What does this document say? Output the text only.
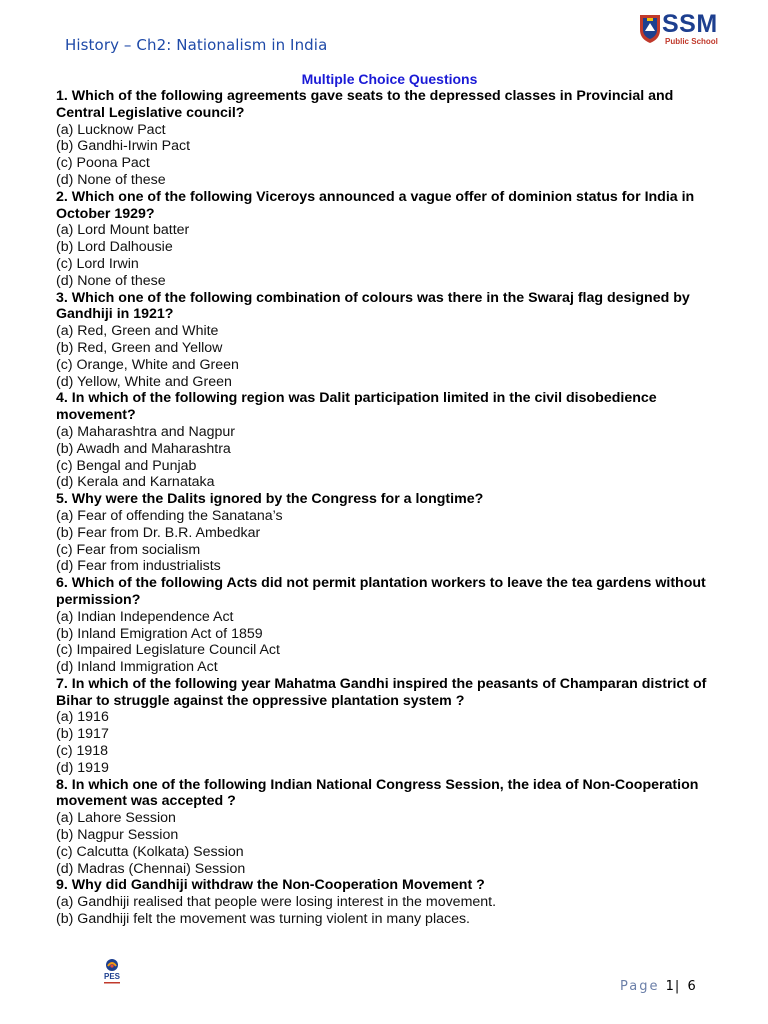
History – Ch2: Nationalism in India
SSM
Public School
Multiple Choice Questions
1. Which of the following agreements gave seats to the depressed classes in Provincial and Central Legislative council?
(a) Lucknow Pact
(b) Gandhi-Irwin Pact
(c) Poona Pact
(d) None of these
2. Which one of the following Viceroys announced a vague offer of dominion status for India in October 1929?
(a) Lord Mount batter
(b) Lord Dalhousie
(c) Lord Irwin
(d) None of these
3. Which one of the following combination of colours was there in the Swaraj flag designed by Gandhiji in 1921?
(a) Red, Green and White
(b) Red, Green and Yellow
(c) Orange, White and Green
(d) Yellow, White and Green
4. In which of the following region was Dalit participation limited in the civil disobedience movement?
(a) Maharashtra and Nagpur
(b) Awadh and Maharashtra
(c) Bengal and Punjab
(d) Kerala and Karnataka
5. Why were the Dalits ignored by the Congress for a longtime?
(a) Fear of offending the Sanatana’s
(b) Fear from Dr. B.R. Ambedkar
(c) Fear from socialism
(d) Fear from industrialists
6. Which of the following Acts did not permit plantation workers to leave the tea gardens without permission?
(a) Indian Independence Act
(b) Inland Emigration Act of 1859
(c) Impaired Legislature Council Act
(d) Inland Immigration Act
7. In which of the following year Mahatma Gandhi inspired the peasants of Champaran district of Bihar to struggle against the oppressive plantation system ?
(a) 1916
(b) 1917
(c) 1918
(d) 1919
8. In which one of the following Indian National Congress Session, the idea of Non-Cooperation movement was accepted ?
(a) Lahore Session
(b) Nagpur Session
(c) Calcutta (Kolkata) Session
(d) Madras (Chennai) Session
9. Why did Gandhiji withdraw the Non-Cooperation Movement ?
(a) Gandhiji realised that people were losing interest in the movement.
(b) Gandhiji felt the movement was turning violent in many places.
PES
Page 1| 6
